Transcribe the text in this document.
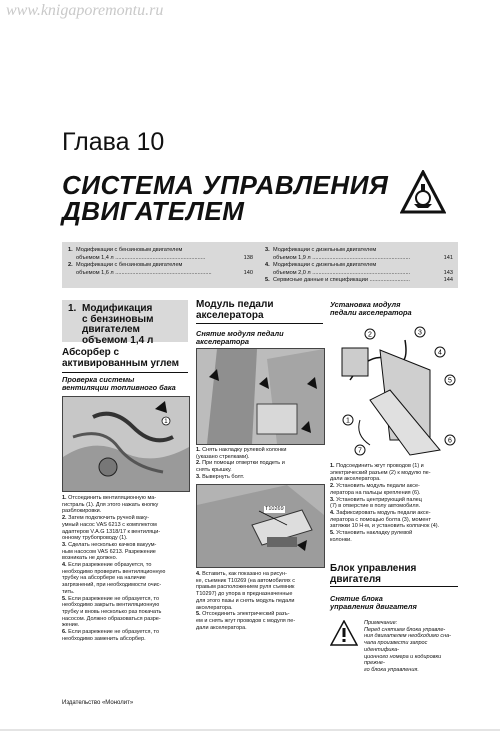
www.knigaporemontu.ru
Глава 10
СИСТЕМА УПРАВЛЕНИЯ
ДВИГАТЕЛЕМ
1. Модификации с бензиновым двигателем
объемом 1,4 л ..........................................................	138
2. Модификации с бензиновым двигателем
объемом 1,6 л ..............................................................	140
3. Модификации с дизельным двигателем
объемом 1,9 л ...............................................................	141
4. Модификации с дизельным двигателем
объемом 2,0 л ...............................................................	143
5. Сервисные данные и спецификации ..........................	144
1. Модификация
с бензиновым
двигателем
объемом 1,4 л
Абсорбер с
активированным углем
Проверка системы
вентиляции топливного бака
1
1. Отсоединить вентиляционную ма-
гистраль (1). Для этого нажать кнопку
разблокировки.
2. Затем подключить ручной ваку-
умный насос VAS 6213 с комплектом
адаптеров V.A.G 1318/17 к вентиляци-
онному трубопроводу (1).
3. Сделать несколько качков вакуум-
ным насосом VAS 6213. Разрежение
возникать не должно.
4. Если разрежение образуется, то
необходимо проверить вентиляционную
трубку на абсорбере на наличие
загрязнений, при необходимости очис-
тить.
5. Если разрежение не образуется, то
необходимо закрыть вентиляционную
трубку и вновь несколько раз покачать
насосом. Должно образоваться разре-
жение.
6. Если разрежение не образуется, то
необходимо заменить абсорбер.
Модуль педали
акселератора
Снятие модуля педали
акселератора
1. Снять накладку рулевой колонки
(указано стрелками).
2. При помощи отвертки поддеть и
снять крышку.
3. Вывернуть болт.
T10269
4. Вставить, как показано на рисун-
ке, съемник T10269 (на автомобилях с
правым расположением руля съемник
T10297) до упора в предназначенные
для этого пазы и снять модуль педали
акселератора.
5. Отсоединить электрический разъ-
ем и снять жгут проводов с модуля пе-
дали акселератора.
Установка модуля
педали акселератора
2	3
4
5
1
7
6
1. Подсоединить жгут проводов (1) и
электрический разъем (2) к модулю пе-
дали акселератора.
2. Установить модуль педали аксе-
лератора на пальцы крепления (6).
3. Установить центрирующий палец
(7) в отверстие в полу автомобиля.
4. Зафиксировать модуль педали аксе-
лератора с помощью болта (3), момент
затяжки 10 Н·м, и установить колпачок (4).
5. Установить накладку рулевой
колонки.
Блок управления
двигателя
Снятие блока
управления двигателя
Примечание:
Перед снятием блока управле-
ния двигателем необходимо сна-
чала произвести запрос идентифика-
ционного номера и кодировки прежне-
го блока управления.
Издательство «Монолит»
